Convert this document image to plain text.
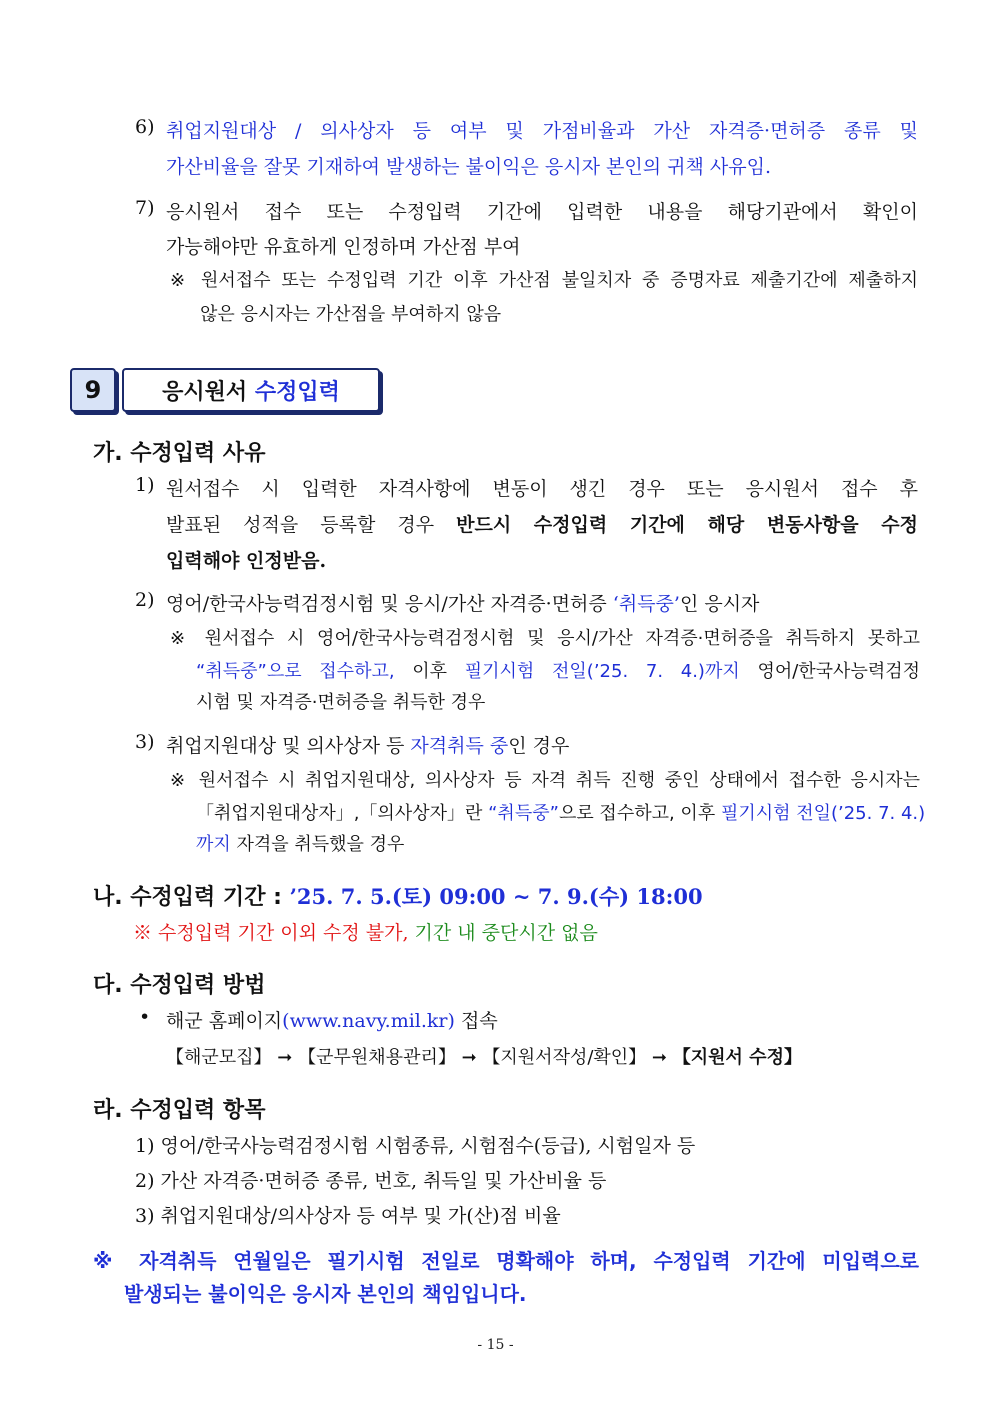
6) 취업지원대상 / 의사상자 등 여부 및 가점비율과 가산 자격증·면허증 종류 및
가산비율을 잘못 기재하여 발생하는 불이익은 응시자 본인의 귀책 사유임.
7) 응시원서 접수 또는 수정입력 기간에 입력한 내용을 해당기관에서 확인이
가능해야만 유효하게 인정하며 가산점 부여
※ 원서접수 또는 수정입력 기간 이후 가산점 불일치자 중 증명자료 제출기간에 제출하지
않은 응시자는 가산점을 부여하지 않음
9	응시원서 수정입력
가. 수정입력 사유
1) 원서접수 시 입력한 자격사항에 변동이 생긴 경우 또는 응시원서 접수 후
발표된 성적을 등록할 경우 반드시 수정입력 기간에 해당 변동사항을 수정
입력해야 인정받음.
2) 영어/한국사능력검정시험 및 응시/가산 자격증·면허증 ‘취득중’인 응시자
※ 원서접수 시 영어/한국사능력검정시험 및 응시/가산 자격증·면허증을 취득하지 못하고
“취득중”으로 접수하고, 이후 필기시험 전일(’25. 7. 4.)까지 영어/한국사능력검정
시험 및 자격증·면허증을 취득한 경우
3) 취업지원대상 및 의사상자 등 자격취득 중인 경우
※ 원서접수 시 취업지원대상, 의사상자 등 자격 취득 진행 중인 상태에서 접수한 응시자는
「취업지원대상자」,「의사상자」란 “취득중”으로 접수하고, 이후 필기시험 전일(’25. 7. 4.)
까지 자격을 취득했을 경우
나. 수정입력 기간 : ’25. 7. 5.(토) 09:00 ~ 7. 9.(수) 18:00
※ 수정입력 기간 이외 수정 불가, 기간 내 중단시간 없음
다. 수정입력 방법
• 해군 홈페이지(www.navy.mil.kr) 접속
【해군모집】 ➞ 【군무원채용관리】 ➞ 【지원서작성/확인】 ➞ 【지원서 수정】
라. 수정입력 항목
1) 영어/한국사능력검정시험 시험종류, 시험점수(등급), 시험일자 등
2) 가산 자격증·면허증 종류, 번호, 취득일 및 가산비율 등
3) 취업지원대상/의사상자 등 여부 및 가(산)점 비율
※ 자격취득 연월일은 필기시험 전일로 명확해야 하며, 수정입력 기간에 미입력으로
발생되는 불이익은 응시자 본인의 책임입니다.
- 15 -
